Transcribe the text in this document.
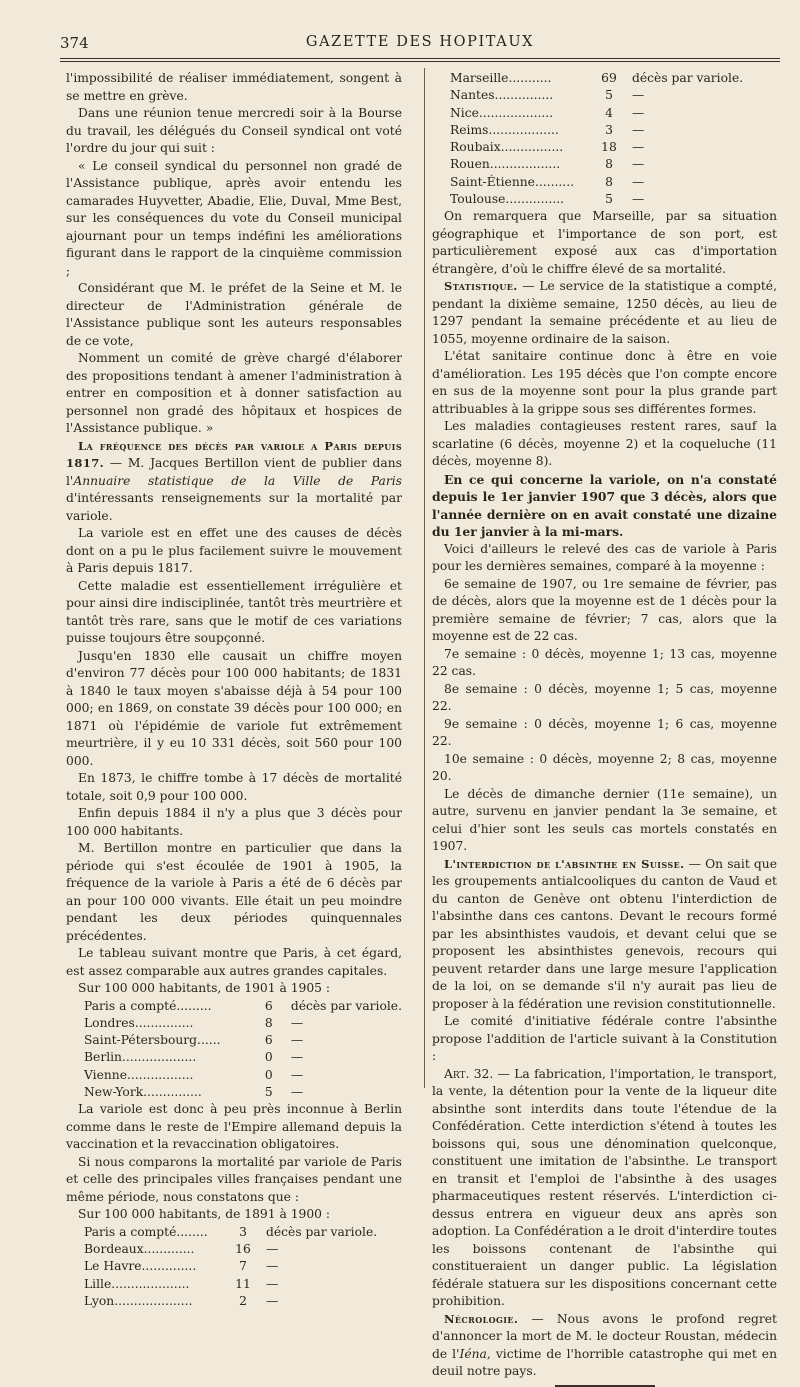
374	GAZETTE DES HOPITAUX

l'impossibilité de réaliser immédiatement, songent à se mettre en grève.

Dans une réunion tenue mercredi soir à la Bourse du travail, les délégués du Conseil syndical ont voté l'ordre du jour qui suit :

« Le conseil syndical du personnel non gradé de l'Assistance publique, après avoir entendu les camarades Huyvetter, Abadie, Elie, Duval, Mme Best, sur les conséquences du vote du Conseil municipal ajournant pour un temps indéfini les améliorations figurant dans le rapport de la cinquième commission ;

Considérant que M. le préfet de la Seine et M. le directeur de l'Administration générale de l'Assistance publique sont les auteurs responsables de ce vote,

Nomment un comité de grève chargé d'élaborer des propositions tendant à amener l'administration à entrer en composition et à donner satisfaction au personnel non gradé des hôpitaux et hospices de l'Assistance publique. »

La fréquence des décès par variole a Paris depuis 1817. — M. Jacques Bertillon vient de publier dans l'Annuaire statistique de la Ville de Paris d'intéressants renseignements sur la mortalité par variole.

La variole est en effet une des causes de décès dont on a pu le plus facilement suivre le mouvement à Paris depuis 1817.

Cette maladie est essentiellement irrégulière et pour ainsi dire indisciplinée, tantôt très meurtrière et tantôt très rare, sans que le motif de ces variations puisse toujours être soupçonné.

Jusqu'en 1830 elle causait un chiffre moyen d'environ 77 décès pour 100 000 habitants; de 1831 à 1840 le taux moyen s'abaisse déjà à 54 pour 100 000; en 1869, on constate 39 décès pour 100 000; en 1871 où l'épidémie de variole fut extrêmement meurtrière, il y eu 10 331 décès, soit 560 pour 100 000.

En 1873, le chiffre tombe à 17 décès de mortalité totale, soit 0,9 pour 100 000.

Enfin depuis 1884 il n'y a plus que 3 décès pour 100 000 habitants.

M. Bertillon montre en particulier que dans la période qui s'est écoulée de 1901 à 1905, la fréquence de la variole à Paris a été de 6 décès par an pour 100 000 vivants. Elle était un peu moindre pendant les deux périodes quinquennales précédentes.

Le tableau suivant montre que Paris, à cet égard, est assez comparable aux autres grandes capitales.

Sur 100 000 habitants, de 1901 à 1905 :

Paris a compté.........	6	décès par variole.
Londres...............	8	—
Saint-Pétersbourg......	6	—
Berlin...................	0	—
Vienne.................	0	—
New-York...............	5	—

La variole est donc à peu près inconnue à Berlin comme dans le reste de l'Empire allemand depuis la vaccination et la revaccination obligatoires.

Si nous comparons la mortalité par variole de Paris et celle des principales villes françaises pendant une même période, nous constatons que :

Sur 100 000 habitants, de 1891 à 1900 :

Paris a compté........	3	décès par variole.
Bordeaux.............	16	—
Le Havre..............	7	—
Lille....................	11	—
Lyon....................	2	—
Marseille...........	69	décès par variole.
Nantes...............	5	—
Nice...................	4	—
Reims..................	3	—
Roubaix................	18	—
Rouen..................	8	—
Saint-Étienne..........	8	—
Toulouse...............	5	—

On remarquera que Marseille, par sa situation géographique et l'importance de son port, est particulièrement exposé aux cas d'importation étrangère, d'où le chiffre élevé de sa mortalité.

Statistique. — Le service de la statistique a compté, pendant la dixième semaine, 1250 décès, au lieu de 1297 pendant la semaine précédente et au lieu de 1055, moyenne ordinaire de la saison.

L'état sanitaire continue donc à être en voie d'amélioration. Les 195 décès que l'on compte encore en sus de la moyenne sont pour la plus grande part attribuables à la grippe sous ses différentes formes.

Les maladies contagieuses restent rares, sauf la scarlatine (6 décès, moyenne 2) et la coqueluche (11 décès, moyenne 8).

En ce qui concerne la variole, on n'a constaté depuis le 1er janvier 1907 que 3 décès, alors que l'année dernière on en avait constaté une dizaine du 1er janvier à la mi-mars.

Voici d'ailleurs le relevé des cas de variole à Paris pour les dernières semaines, comparé à la moyenne :

6e semaine de 1907, ou 1re semaine de février, pas de décès, alors que la moyenne est de 1 décès pour la première semaine de février; 7 cas, alors que la moyenne est de 22 cas.

7e semaine : 0 décès, moyenne 1; 13 cas, moyenne 22 cas.

8e semaine : 0 décès, moyenne 1; 5 cas, moyenne 22.

9e semaine : 0 décès, moyenne 1; 6 cas, moyenne 22.

10e semaine : 0 décès, moyenne 2; 8 cas, moyenne 20.

Le décès de dimanche dernier (11e semaine), un autre, survenu en janvier pendant la 3e semaine, et celui d'hier sont les seuls cas mortels constatés en 1907.

L'interdiction de l'absinthe en Suisse. — On sait que les groupements antialcooliques du canton de Vaud et du canton de Genève ont obtenu l'interdiction de l'absinthe dans ces cantons. Devant le recours formé par les absinthistes vaudois, et devant celui que se proposent les absinthistes genevois, recours qui peuvent retarder dans une large mesure l'application de la loi, on se demande s'il n'y aurait pas lieu de proposer à la fédération une revision constitutionnelle.

Le comité d'initiative fédérale contre l'absinthe propose l'addition de l'article suivant à la Constitution :

Art. 32. — La fabrication, l'importation, le transport, la vente, la détention pour la vente de la liqueur dite absinthe sont interdits dans toute l'étendue de la Confédération. Cette interdiction s'étend à toutes les boissons qui, sous une dénomination quelconque, constituent une imitation de l'absinthe. Le transport en transit et l'emploi de l'absinthe à des usages pharmaceutiques restent réservés. L'interdiction ci-dessus entrera en vigueur deux ans après son adoption. La Confédération a le droit d'interdire toutes les boissons contenant de l'absinthe qui constitueraient un danger public. La législation fédérale statuera sur les dispositions concernant cette prohibition.

Nécrologie. — Nous avons le profond regret d'annoncer la mort de M. le docteur Roustan, médecin de l'Iéna, victime de l'horrible catastrophe qui met en deuil notre pays.
